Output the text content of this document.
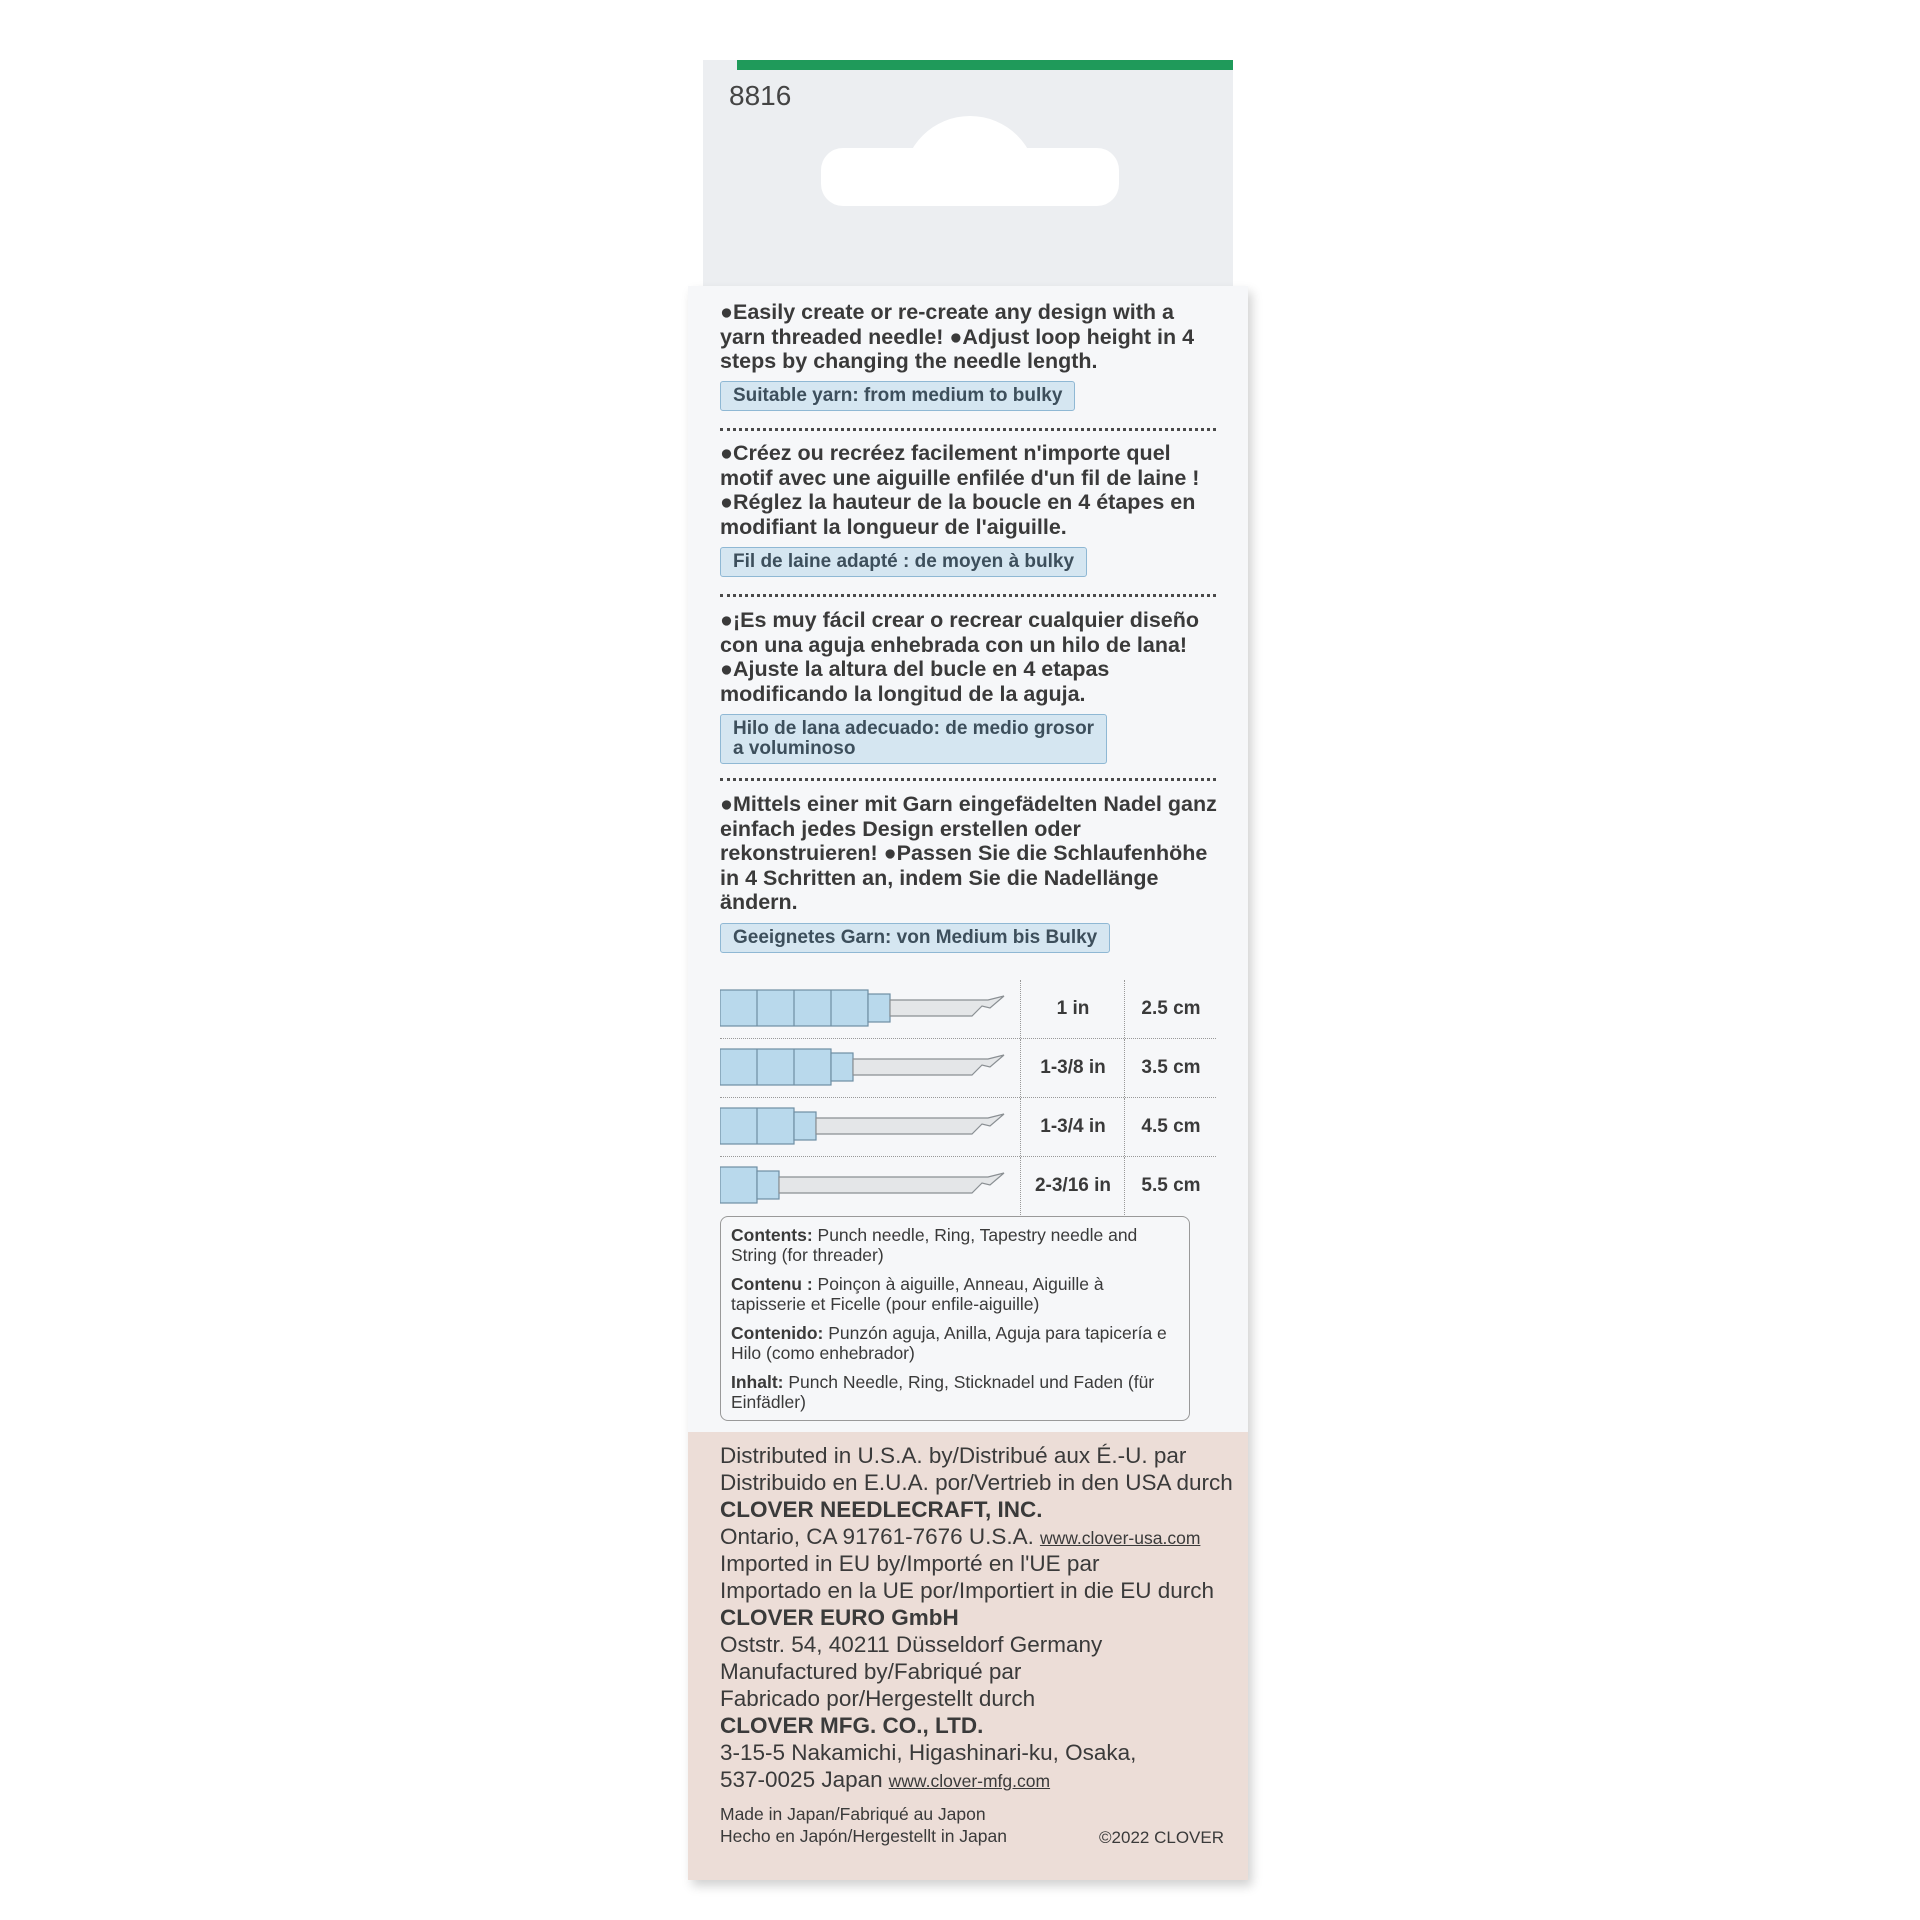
8816

●Easily create or re-create any design with a yarn threaded needle! ●Adjust loop height in 4 steps by changing the needle length.

Suitable yarn: from medium to bulky

●Créez ou recréez facilement n'importe quel motif avec une aiguille enfilée d'un fil de laine ! ●Réglez la hauteur de la boucle en 4 étapes en modifiant la longueur de l'aiguille.

Fil de laine adapté : de moyen à bulky

●¡Es muy fácil crear o recrear cualquier diseño con una aguja enhebrada con un hilo de lana! ●Ajuste la altura del bucle en 4 etapas modificando la longitud de la aguja.

Hilo de lana adecuado: de medio grosor
a voluminoso

●Mittels einer mit Garn eingefädelten Nadel ganz einfach jedes Design erstellen oder rekonstruieren! ●Passen Sie die Schlaufenhöhe in 4 Schritten an, indem Sie die Nadellänge ändern.

Geeignetes Garn: von Medium bis Bulky
1 in	2.5 cm
1-3/8 in	3.5 cm
1-3/4 in	4.5 cm
2-3/16 in	5.5 cm
Contents: Punch needle, Ring, Tapestry needle and String (for threader)
Contenu : Poinçon à aiguille, Anneau, Aiguille à tapisserie et Ficelle (pour enfile-aiguille)
Contenido: Punzón aguja, Anilla, Aguja para tapicería e Hilo (como enhebrador)
Inhalt: Punch Needle, Ring, Sticknadel und Faden (für Einfädler)
Distributed in U.S.A. by/Distribué aux É.-U. par
Distribuido en E.U.A. por/Vertrieb in den USA durch
CLOVER NEEDLECRAFT, INC.
Ontario, CA 91761-7676 U.S.A. www.clover-usa.com
Imported in EU by/Importé en l'UE par
Importado en la UE por/Importiert in die EU durch
CLOVER EURO GmbH
Oststr. 54, 40211 Düsseldorf Germany
Manufactured by/Fabriqué par
Fabricado por/Hergestellt durch
CLOVER MFG. CO., LTD.
3-15-5 Nakamichi, Higashinari-ku, Osaka,
537-0025 Japan www.clover-mfg.com
Made in Japan/Fabriqué au Japon
Hecho en Japón/Hergestellt in Japan	©2022 CLOVER
